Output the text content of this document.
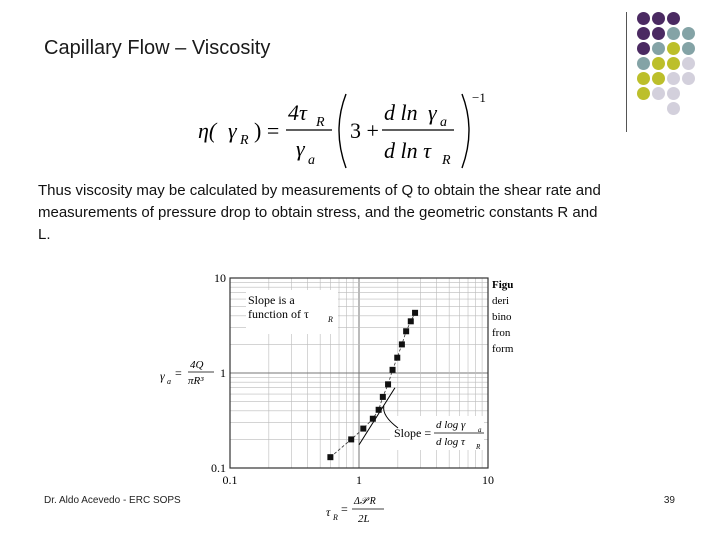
Capillary Flow – Viscosity
η( γ R ) =
4τ R
γ a
3 +
d ln γ a
d ln τ R
−1
Thus viscosity may be calculated by measurements of Q to obtain the shear rate and measurements of pressure drop to obtain stress, and the geometric constants R and L.
Figu
deri
bino
fron
form
0.1	1	10
10
1
0.1
γ a
=
4Q
πR³
τ R
=
Δ𝒫 R
2L
Slope is a
function of τ R
Slope =
d log γ a
d log τ R
Dr. Aldo Acevedo - ERC SOPS	39
